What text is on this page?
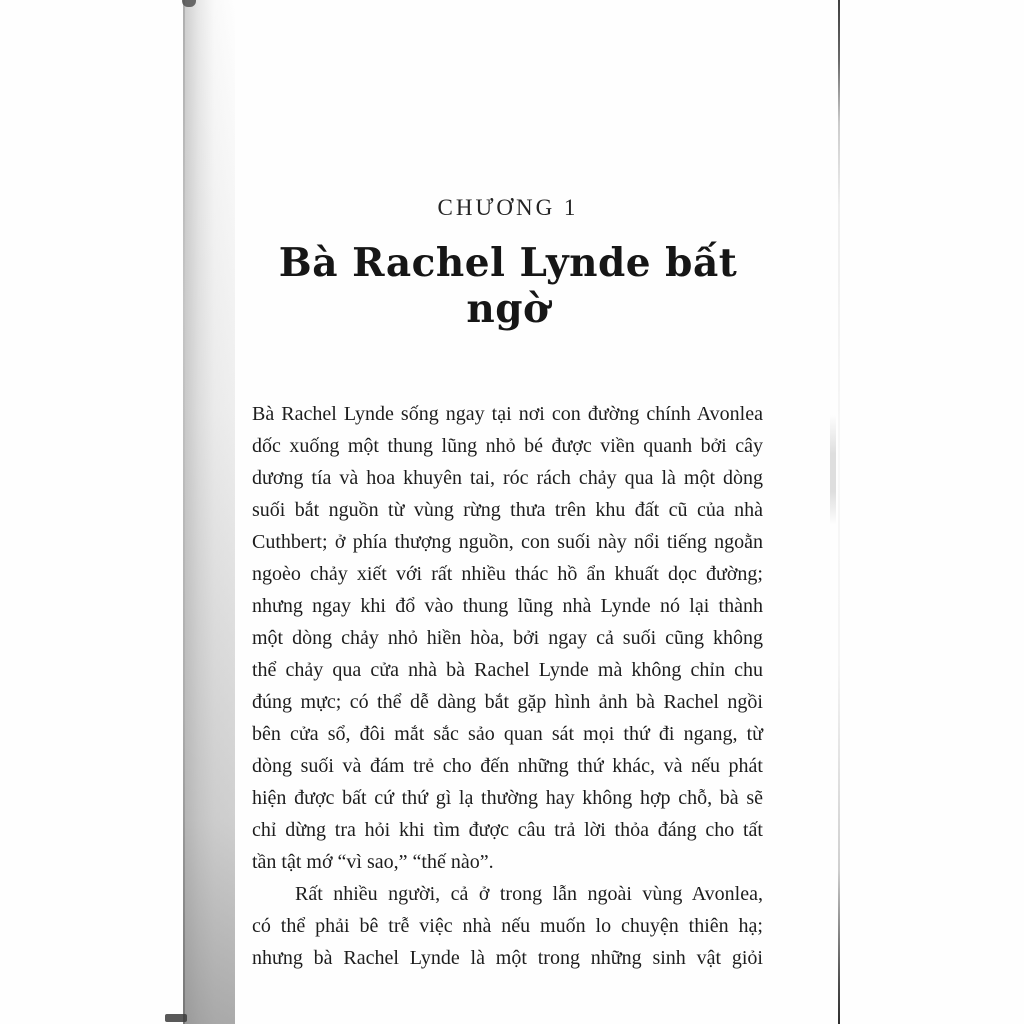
CHƯƠNG 1
Bà Rachel Lynde bất ngờ
Bà Rachel Lynde sống ngay tại nơi con đường chính Avonlea
dốc xuống một thung lũng nhỏ bé được viền quanh bởi cây
dương tía và hoa khuyên tai, róc rách chảy qua là một dòng
suối bắt nguồn từ vùng rừng thưa trên khu đất cũ của nhà
Cuthbert; ở phía thượng nguồn, con suối này nổi tiếng ngoằn
ngoèo chảy xiết với rất nhiều thác hồ ẩn khuất dọc đường;
nhưng ngay khi đổ vào thung lũng nhà Lynde nó lại thành
một dòng chảy nhỏ hiền hòa, bởi ngay cả suối cũng không
thể chảy qua cửa nhà bà Rachel Lynde mà không chỉn chu
đúng mực; có thể dễ dàng bắt gặp hình ảnh bà Rachel ngồi
bên cửa sổ, đôi mắt sắc sảo quan sát mọi thứ đi ngang, từ
dòng suối và đám trẻ cho đến những thứ khác, và nếu phát
hiện được bất cứ thứ gì lạ thường hay không hợp chỗ, bà sẽ
chỉ dừng tra hỏi khi tìm được câu trả lời thỏa đáng cho tất
tần tật mớ “vì sao,” “thế nào”.
Rất nhiều người, cả ở trong lẫn ngoài vùng Avonlea,
có thể phải bê trễ việc nhà nếu muốn lo chuyện thiên hạ;
nhưng bà Rachel Lynde là một trong những sinh vật giỏi
